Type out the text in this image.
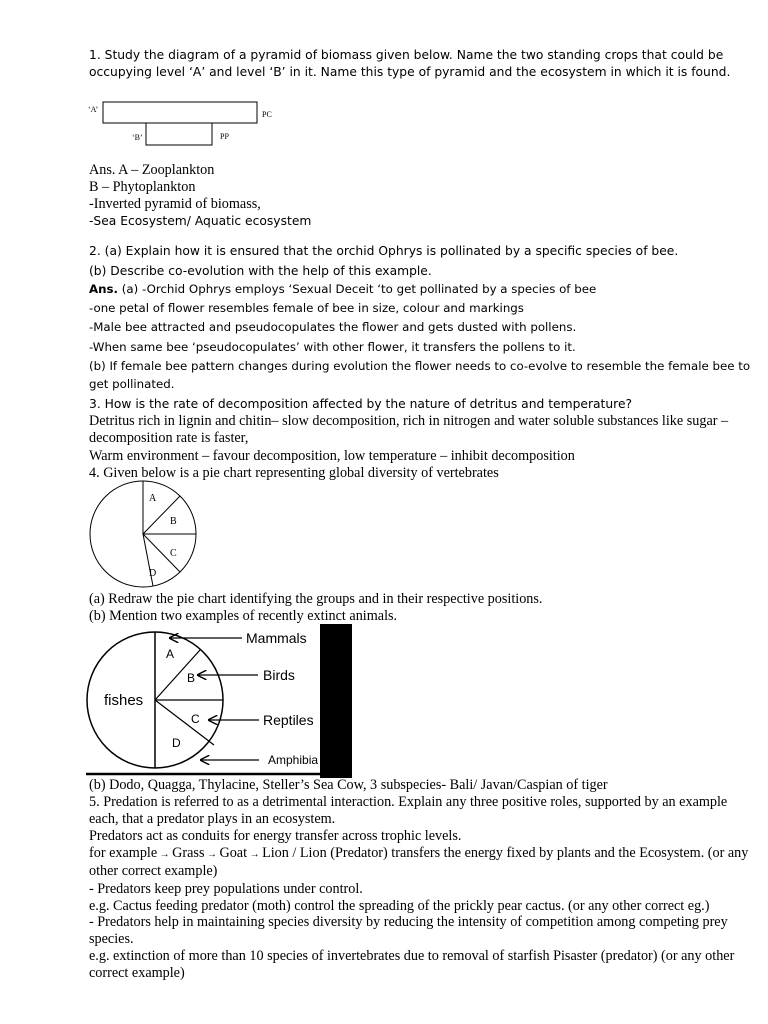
1. Study the diagram of a pyramid of biomass given below. Name the two standing crops that could be occupying level ‘A’ and level ‘B’ in it. Name this type of pyramid and the ecosystem in which it is found.
‘A’
PC
‘B’	PP
Ans. A – Zooplankton
B – Phytoplankton
-Inverted pyramid of biomass,
-Sea Ecosystem/ Aquatic ecosystem
2. (a) Explain how it is ensured that the orchid Ophrys is pollinated by a specific species of bee.
(b) Describe co-evolution with the help of this example.
Ans. (a) -Orchid Ophrys employs ‘Sexual Deceit ‘to get pollinated by a species of bee
-one petal of flower resembles female of bee in size, colour and markings
-Male bee attracted and pseudocopulates the flower and gets dusted with pollens.
-When same bee ‘pseudocopulates’ with other flower, it transfers the pollens to it.
(b) If female bee pattern changes during evolution the flower needs to co-evolve to resemble the female bee to get pollinated.
3. How is the rate of decomposition affected by the nature of detritus and temperature?
Detritus rich in lignin and chitin– slow decomposition, rich in nitrogen and water soluble substances like sugar – decomposition rate is faster,
Warm environment – favour decomposition, low temperature – inhibit decomposition
4. Given below is a pie chart representing global diversity of vertebrates
A
B
C
D
(a) Redraw the pie chart identifying the groups and in their respective positions.
(b) Mention two examples of recently extinct animals.
A
B
C
D
fishes
Mammals
Birds
Reptiles
Amphibia
(b) Dodo, Quagga, Thylacine, Steller’s Sea Cow, 3 subspecies- Bali/ Javan/Caspian of tiger
5. Predation is referred to as a detrimental interaction. Explain any three positive roles, supported by an example each, that a predator plays in an ecosystem.
Predators act as conduits for energy transfer across trophic levels.
for example → Grass → Goat → Lion / Lion (Predator) transfers the energy fixed by plants and the Ecosystem. (or any other correct example)
- Predators keep prey populations under control.
e.g. Cactus feeding predator (moth) control the spreading of the prickly pear cactus. (or any other correct eg.)
- Predators help in maintaining species diversity by reducing the intensity of competition among competing prey species.
e.g. extinction of more than 10 species of invertebrates due to removal of starfish Pisaster (predator) (or any other correct example)
